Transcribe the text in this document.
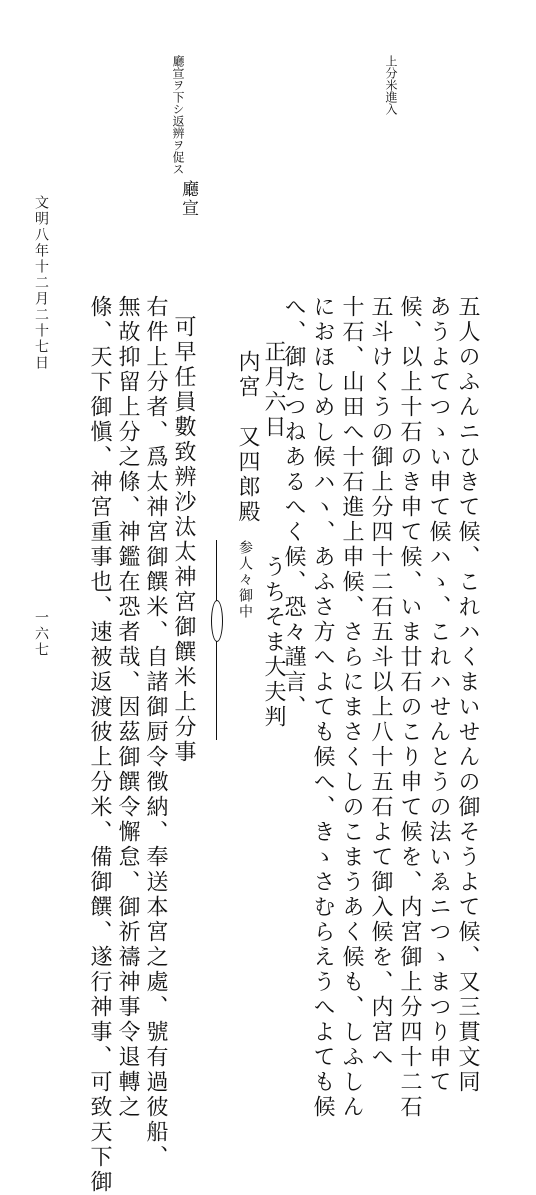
上分米進入
廳宣ヲ下シ返辨ヲ促ス
五人のふんニひきて候、これハくまいせんの御そうよて候、又三貫文同
あうよてつゝい申て候ハゝ、これハせんとうの法いゑニつゝまつり申て
候、以上十石のき申て候、いま廿石のこり申て候を、内宮御上分四十二石
五斗けくうの御上分四十二石五斗以上八十五石よて御入候を、内宮へ
十石、山田へ十石進上申候、さらにまさくしのこまうあく候も、しふしん
におほしめし候ハヽ、あふさ方へよても候へ、きゝさむらえうへよても候
へ、御たつねあるへく候、恐々謹言、
正月六日
内宮　又四郎殿
参人々御中 うちそま大夫判
廳宣
可早任員數致辨沙汰太神宮御饌米上分事
右件上分者、爲太神宮御饌米、自諸御厨令徴納、奉送本宮之處、號有過彼船、
無故抑留上分之條、神鑑在恐者哉、因茲御饌令懈怠、御祈禱神事令退轉之
條、天下御愼、神宮重事也、速被返渡彼上分米、備御饌、遂行神事、可致天下御
文明八年十二月二十七日
一六七
